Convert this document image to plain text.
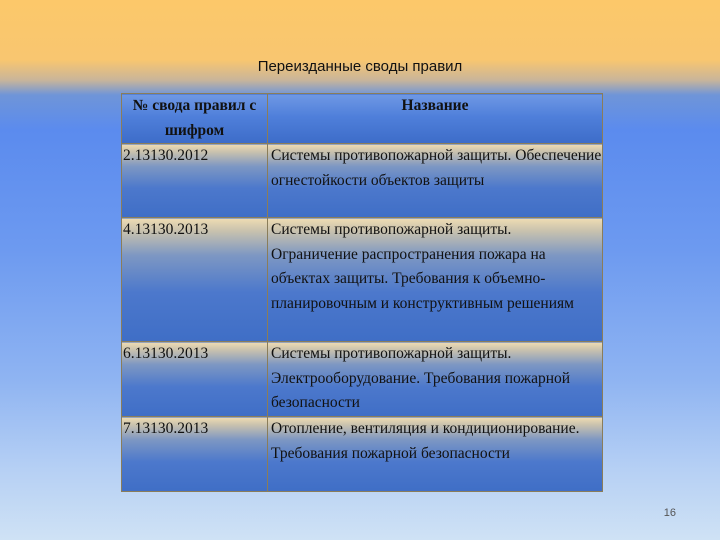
Переизданные своды правил
№ свода правил с шифром	Название
2.13130.2012	Системы противопожарной защиты. Обеспечение огнестойкости объектов защиты
4.13130.2013	Системы противопожарной защиты. Ограничение распространения пожара на объектах защиты. Требования к объемно-планировочным и конструктивным решениям
6.13130.2013	Системы противопожарной защиты. Электрооборудование. Требования пожарной безопасности
7.13130.2013	Отопление, вентиляция и кондиционирование. Требования пожарной безопасности
16
